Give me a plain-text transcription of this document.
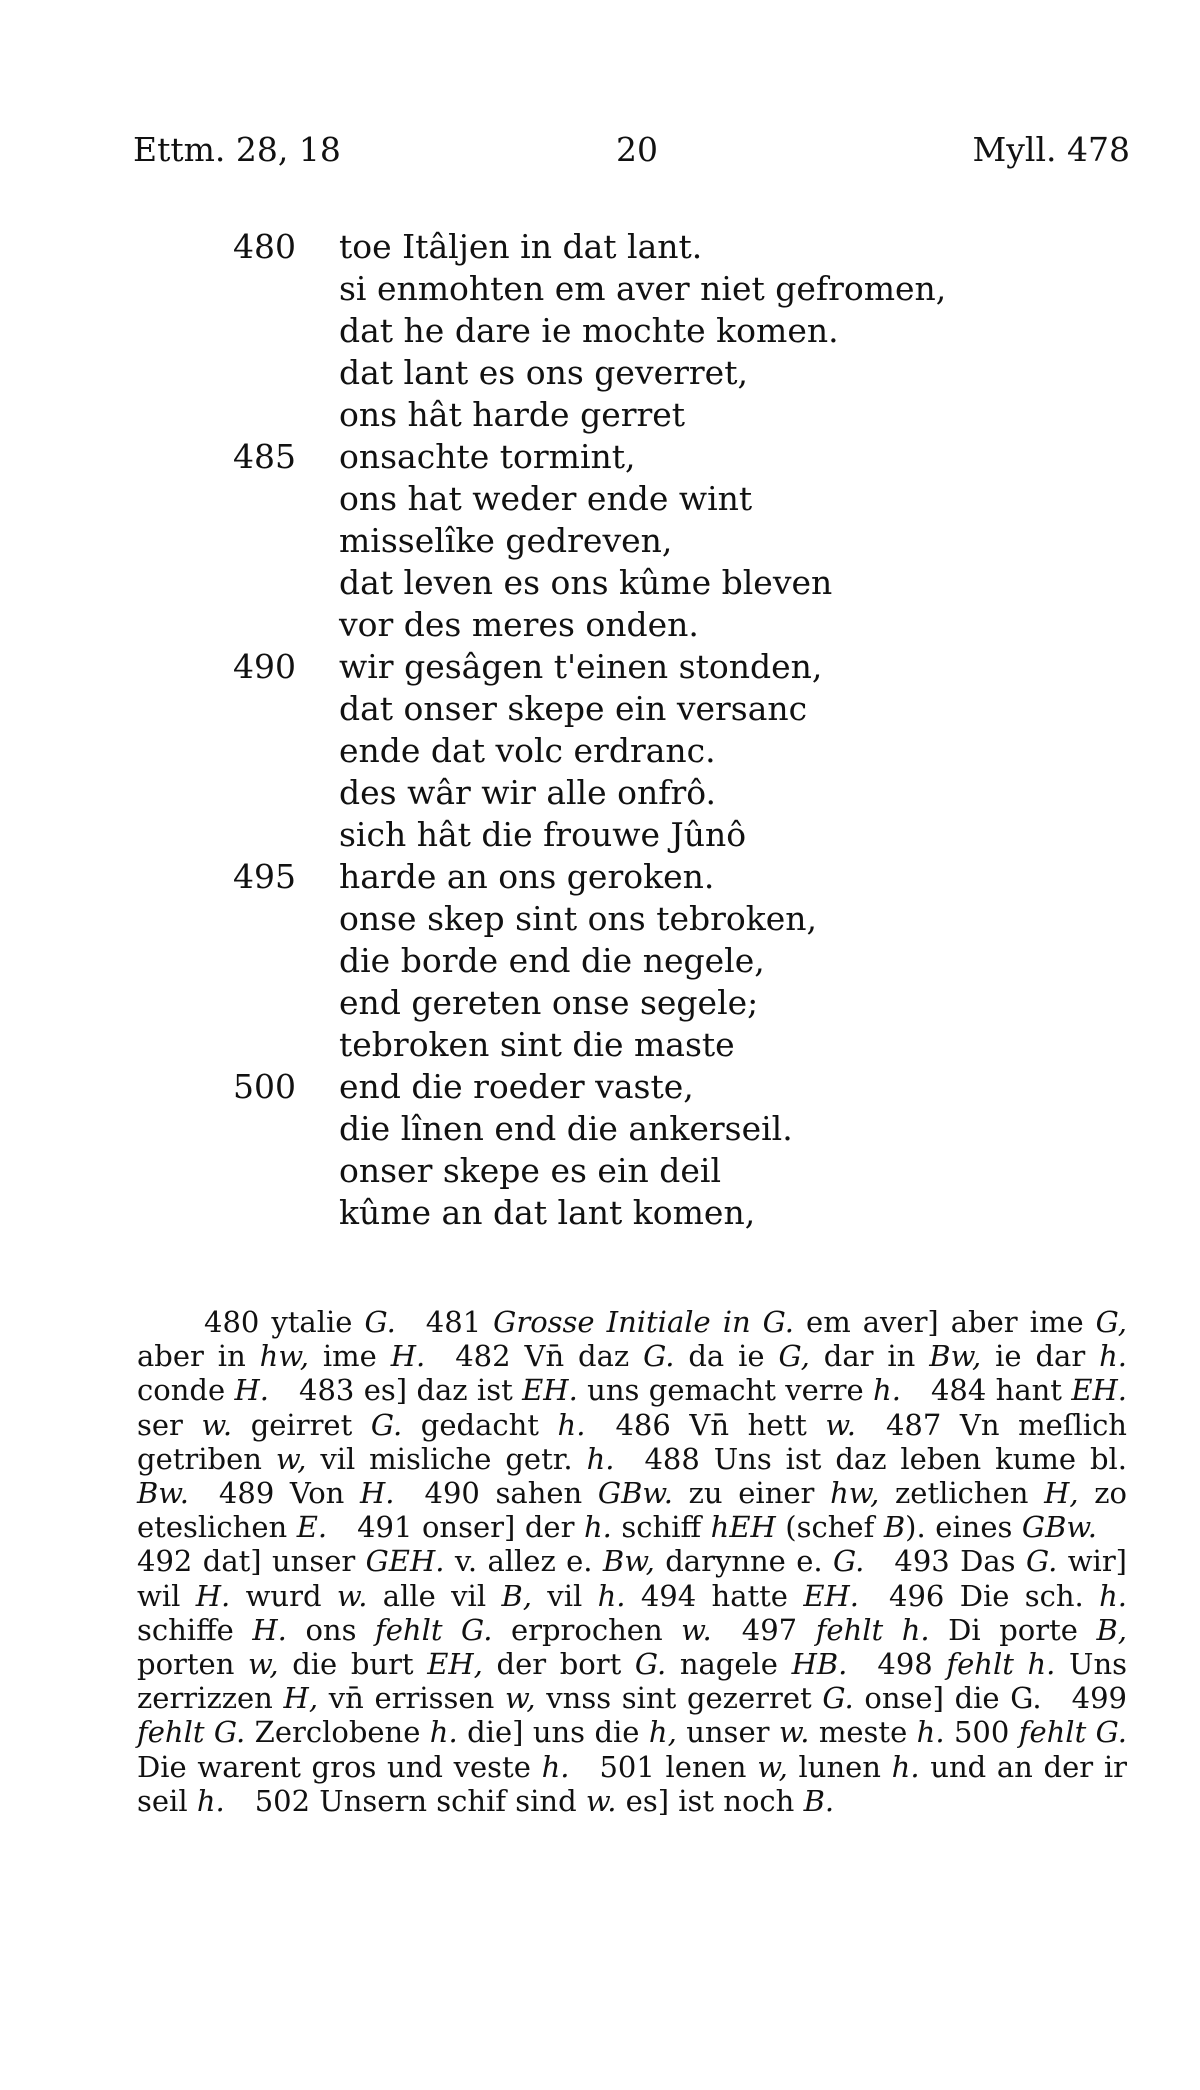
Ettm. 28, 18	20	Myll. 478
480 toe Itâljen in dat lant.
si enmohten em aver niet gefromen,
dat he dare ie mochte komen.
dat lant es ons geverret,
ons hât harde gerret
485 onsachte tormint,
ons hat weder ende wint
misselîke gedreven,
dat leven es ons kûme bleven
vor des meres onden.
490 wir gesâgen t'einen stonden,
dat onser skepe ein versanc
ende dat volc erdranc.
des wâr wir alle onfrô.
sich hât die frouwe Jûnô
495 harde an ons geroken.
onse skep sint ons tebroken,
die borde end die negele,
end gereten onse segele;
tebroken sint die maste
500 end die roeder vaste,
die lînen end die ankerseil.
onser skepe es ein deil
kûme an dat lant komen,

480 ytalie G. 481 Grosse Initiale in G. em aver] aber ime G, aber in hw, ime H. 482 Vn̄ daz G. da ie G, dar in Bw, ie dar h. conde H. 483 es] daz ist EH. uns gemacht verre h. 484 hant EH. ser w. geirret G. gedacht h. 486 Vn̄ hett w. 487 Vn meſlich getriben w, vil misliche getr. h. 488 Uns ist daz leben kume bl. Bw. 489 Von H. 490 sahen GBw. zu einer hw, zetlichen H, zo eteslichen E. 491 onser] der h. schiff hEH (schef B). eines GBw.492 dat] unser GEH. v. allez e. Bw, darynne e. G. 493 Das G. wir] wil H. wurd w. alle vil B, vil h. 494 hatte EH. 496 Die sch. h. schiffe H. ons fehlt G. erprochen w. 497 fehlt h. Di porte B, porten w, die burt EH, der bort G. nagele HB. 498 fehlt h. Uns zerrizzen H, vn̄ errissen w, vnss sint gezerret G. onse] die G. 499 fehlt G. Zerclobene h. die] uns die h, unser w. meste h. 500 fehlt G. Die warent gros und veste h. 501 lenen w, lunen h. und an der ir seil h. 502 Unsern schif sind w. es] ist noch B.
